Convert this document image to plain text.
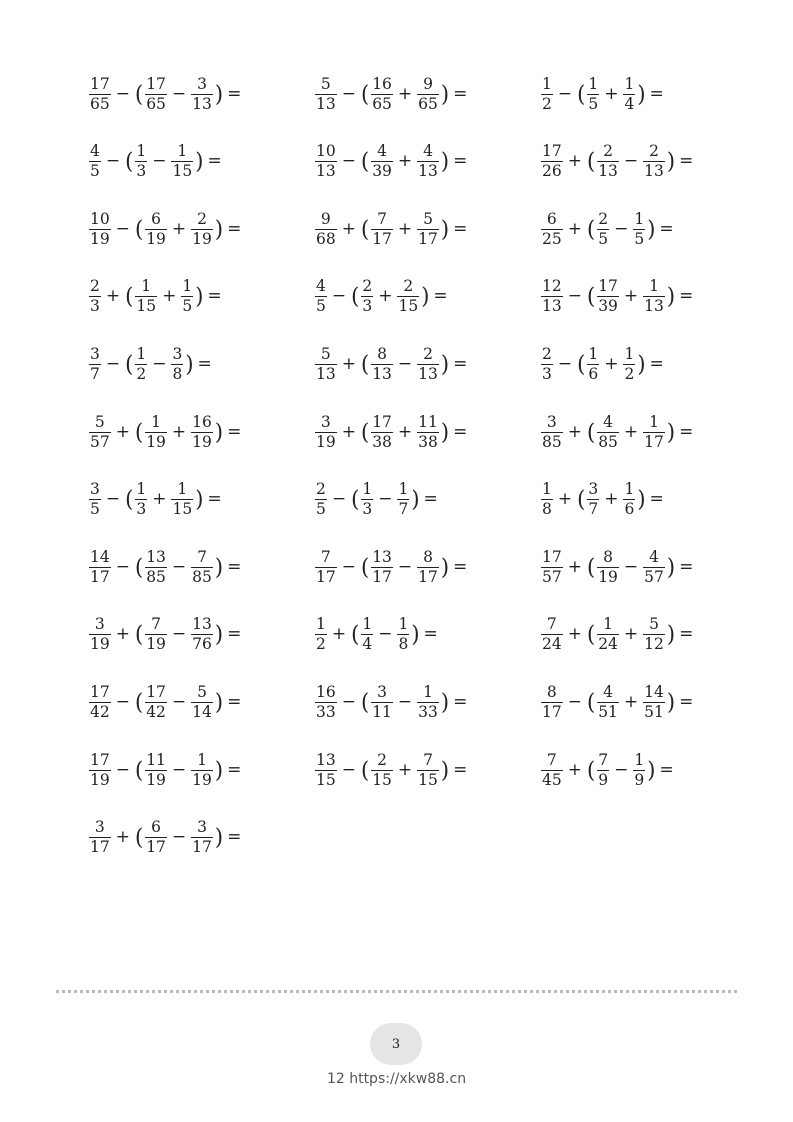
$\frac{17}{65}$ − ( $\frac{17}{65} - \frac{3}{13}$ ) =	$\frac{5}{13}$ − ( $\frac{16}{65} + \frac{9}{65}$ ) =	$\frac{1}{2}$ − ( $\frac{1}{5} + \frac{1}{4}$ ) =
$\frac{4}{5}$ − ( $\frac{1}{3} - \frac{1}{15}$ ) =	$\frac{10}{13}$ − ( $\frac{4}{39} + \frac{4}{13}$ ) =	$\frac{17}{26}$ + ( $\frac{2}{13} - \frac{2}{13}$ ) =
$\frac{10}{19}$ − ( $\frac{6}{19} + \frac{2}{19}$ ) =	$\frac{9}{68}$ + ( $\frac{7}{17} + \frac{5}{17}$ ) =	$\frac{6}{25}$ + ( $\frac{2}{5} - \frac{1}{5}$ ) =
$\frac{2}{3}$ + ( $\frac{1}{15} + \frac{1}{5}$ ) =	$\frac{4}{5}$ − ( $\frac{2}{3} + \frac{2}{15}$ ) =	$\frac{12}{13}$ − ( $\frac{17}{39} + \frac{1}{13}$ ) =
$\frac{3}{7}$ − ( $\frac{1}{2} - \frac{3}{8}$ ) =	$\frac{5}{13}$ + ( $\frac{8}{13} - \frac{2}{13}$ ) =	$\frac{2}{3}$ − ( $\frac{1}{6} + \frac{1}{2}$ ) =
$\frac{5}{57}$ + ( $\frac{1}{19} + \frac{16}{19}$ ) =	$\frac{3}{19}$ + ( $\frac{17}{38} + \frac{11}{38}$ ) =	$\frac{3}{85}$ + ( $\frac{4}{85} + \frac{1}{17}$ ) =
$\frac{3}{5}$ − ( $\frac{1}{3} + \frac{1}{15}$ ) =	$\frac{2}{5}$ − ( $\frac{1}{3} - \frac{1}{7}$ ) =	$\frac{1}{8}$ + ( $\frac{3}{7} + \frac{1}{6}$ ) =
$\frac{14}{17}$ − ( $\frac{13}{85} - \frac{7}{85}$ ) =	$\frac{7}{17}$ − ( $\frac{13}{17} - \frac{8}{17}$ ) =	$\frac{17}{57}$ + ( $\frac{8}{19} - \frac{4}{57}$ ) =
$\frac{3}{19}$ + ( $\frac{7}{19} - \frac{13}{76}$ ) =	$\frac{1}{2}$ + ( $\frac{1}{4} - \frac{1}{8}$ ) =	$\frac{7}{24}$ + ( $\frac{1}{24} + \frac{5}{12}$ ) =
$\frac{17}{42}$ − ( $\frac{17}{42} - \frac{5}{14}$ ) =	$\frac{16}{33}$ − ( $\frac{3}{11} - \frac{1}{33}$ ) =	$\frac{8}{17}$ − ( $\frac{4}{51} + \frac{14}{51}$ ) =
$\frac{17}{19}$ − ( $\frac{11}{19} - \frac{1}{19}$ ) =	$\frac{13}{15}$ − ( $\frac{2}{15} + \frac{7}{15}$ ) =	$\frac{7}{45}$ + ( $\frac{7}{9} - \frac{1}{9}$ ) =
$\frac{3}{17}$ + ( $\frac{6}{17} - \frac{3}{17}$ ) =
3
12 https://xkw88.cn
